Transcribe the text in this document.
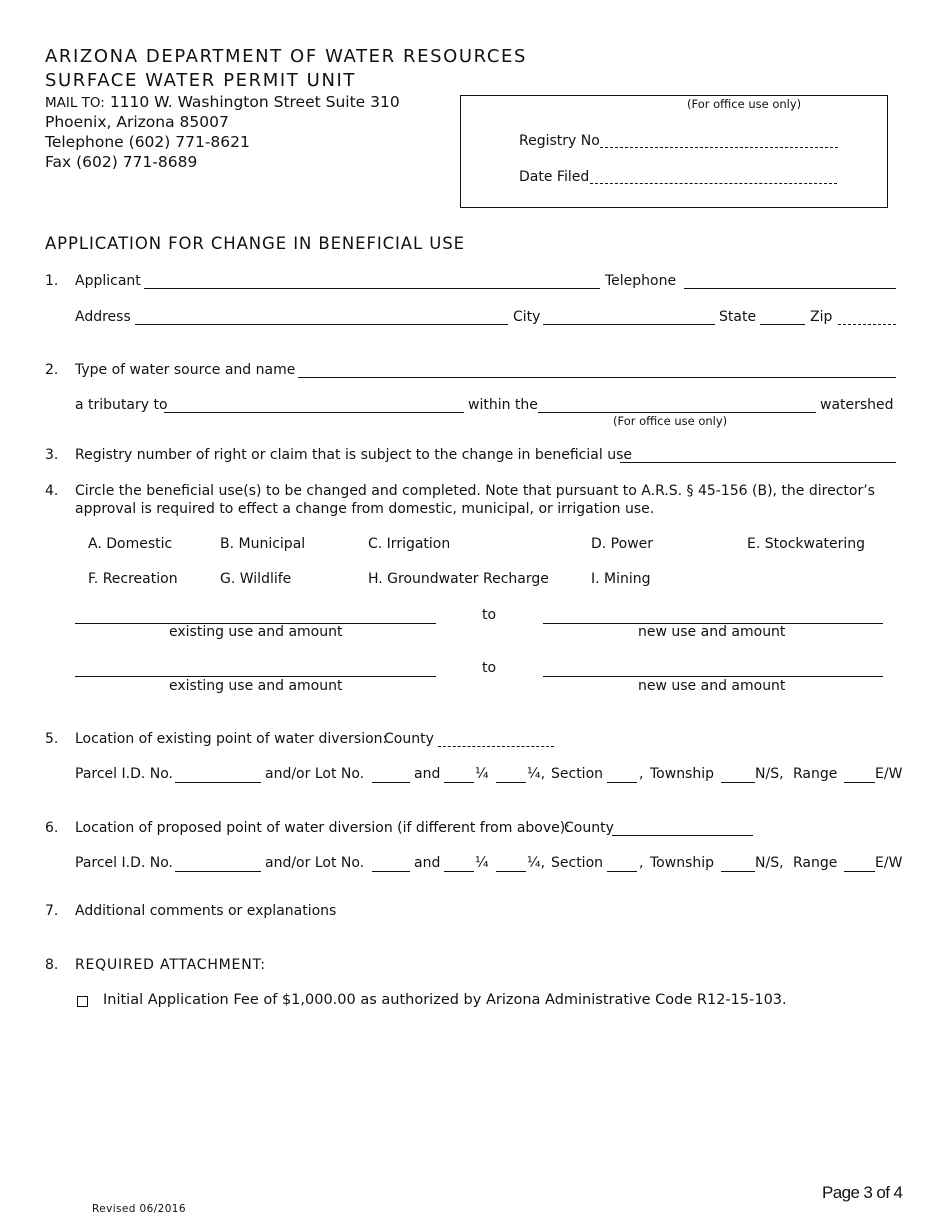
ARIZONA DEPARTMENT OF WATER RESOURCES
SURFACE WATER PERMIT UNIT
MAIL TO: 1110 W. Washington Street Suite 310
Phoenix, Arizona 85007
Telephone (602) 771-8621
Fax (602) 771-8689
(For office use only)
Registry No
Date Filed
APPLICATION FOR CHANGE IN BENEFICIAL USE
1. Applicant	Telephone
Address	City	State	Zip
2. Type of water source and name
a tributary to	within the	watershed
(For office use only)
3. Registry number of right or claim that is subject to the change in beneficial use
4. Circle the beneficial use(s) to be changed and completed. Note that pursuant to A.R.S. § 45-156 (B), the director’s
approval is required to effect a change from domestic, municipal, or irrigation use.
A. Domestic	B. Municipal	C. Irrigation	D. Power	E. Stockwatering
F. Recreation	G. Wildlife	H. Groundwater Recharge	I. Mining
to
existing use and amount	new use and amount
to
existing use and amount	new use and amount
5. Location of existing point of water diversion:
County
Parcel I.D. No.	and/or Lot No.	and ¼	¼, Section	, Township	N/S, Range	E/W
6. Location of proposed point of water diversion (if different from above):
County
Parcel I.D. No.	and/or Lot No.	and ¼	¼, Section	, Township	N/S, Range	E/W
7. Additional comments or explanations
8. REQUIRED ATTACHMENT:
Initial Application Fee of $1,000.00 as authorized by Arizona Administrative Code R12-15-103.
Page 3 of 4
Revised 06/2016
